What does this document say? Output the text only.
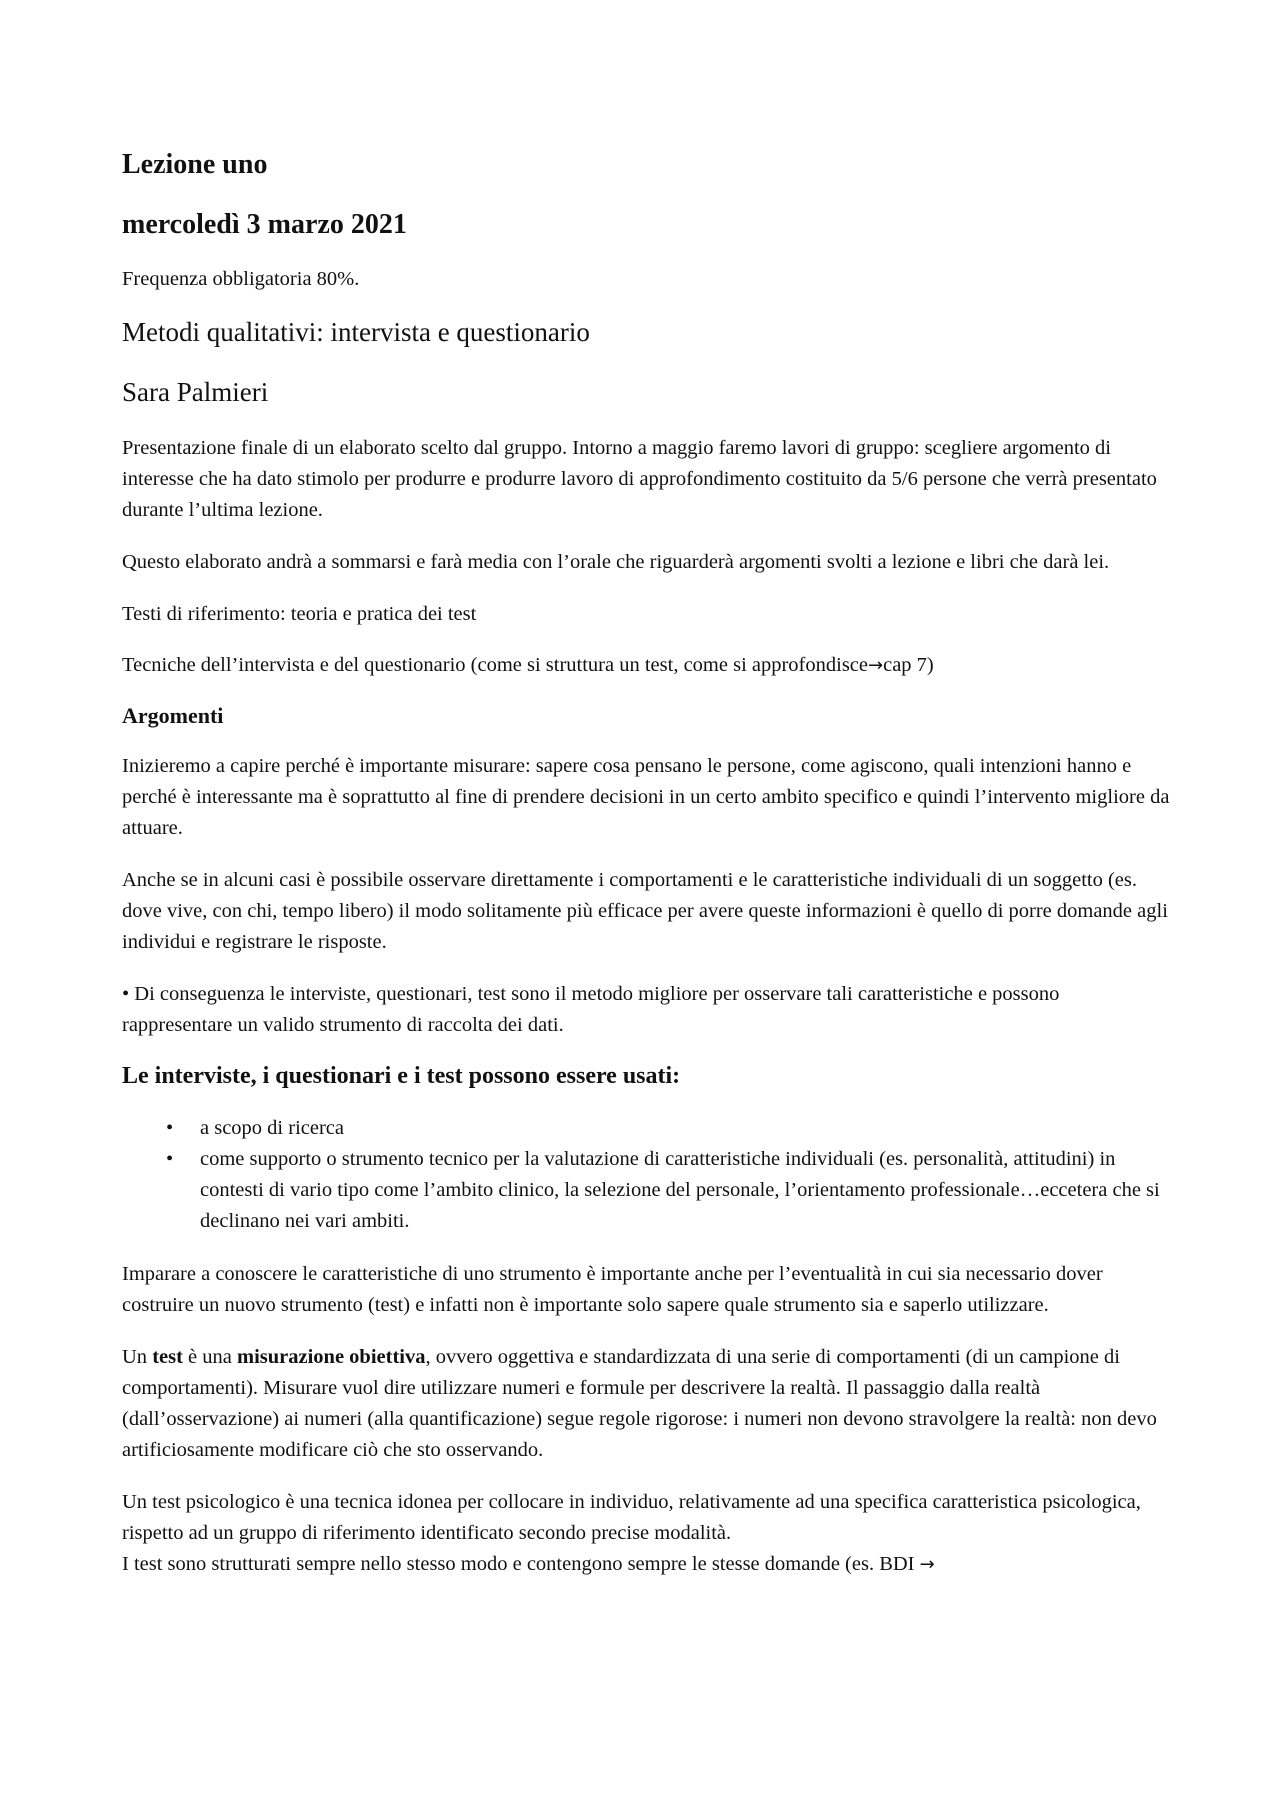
Lezione uno
mercoledì 3 marzo 2021

Frequenza obbligatoria 80%.

Metodi qualitativi: intervista e questionario
Sara Palmieri

Presentazione finale di un elaborato scelto dal gruppo. Intorno a maggio faremo lavori di gruppo: scegliere argomento di interesse che ha dato stimolo per produrre e produrre lavoro di approfondimento costituito da 5/6 persone che verrà presentato durante l’ultima lezione.

Questo elaborato andrà a sommarsi e farà media con l’orale che riguarderà argomenti svolti a lezione e libri che darà lei.

Testi di riferimento: teoria e pratica dei test

Tecniche dell’intervista e del questionario (come si struttura un test, come si approfondisce→cap 7)

Argomenti

Inizieremo a capire perché è importante misurare: sapere cosa pensano le persone, come agiscono, quali intenzioni hanno e perché è interessante ma è soprattutto al fine di prendere decisioni in un certo ambito specifico e quindi l’intervento migliore da attuare.

Anche se in alcuni casi è possibile osservare direttamente i comportamenti e le caratteristiche individuali di un soggetto (es. dove vive, con chi, tempo libero) il modo solitamente più efficace per avere queste informazioni è quello di porre domande agli individui e registrare le risposte.

• Di conseguenza le interviste, questionari, test sono il metodo migliore per osservare tali caratteristiche e possono rappresentare un valido strumento di raccolta dei dati.

Le interviste, i questionari e i test possono essere usati:
• a scopo di ricerca
• come supporto o strumento tecnico per la valutazione di caratteristiche individuali (es. personalità, attitudini) in contesti di vario tipo come l’ambito clinico, la selezione del personale, l’orientamento professionale…eccetera che si declinano nei vari ambiti.

Imparare a conoscere le caratteristiche di uno strumento è importante anche per l’eventualità in cui sia necessario dover costruire un nuovo strumento (test) e infatti non è importante solo sapere quale strumento sia e saperlo utilizzare.

Un test è una misurazione obiettiva, ovvero oggettiva e standardizzata di una serie di comportamenti (di un campione di comportamenti). Misurare vuol dire utilizzare numeri e formule per descrivere la realtà. Il passaggio dalla realtà (dall’osservazione) ai numeri (alla quantificazione) segue regole rigorose: i numeri non devono stravolgere la realtà: non devo artificiosamente modificare ciò che sto osservando.

Un test psicologico è una tecnica idonea per collocare in individuo, relativamente ad una specifica caratteristica psicologica, rispetto ad un gruppo di riferimento identificato secondo precise modalità.
I test sono strutturati sempre nello stesso modo e contengono sempre le stesse domande (es. BDI →
